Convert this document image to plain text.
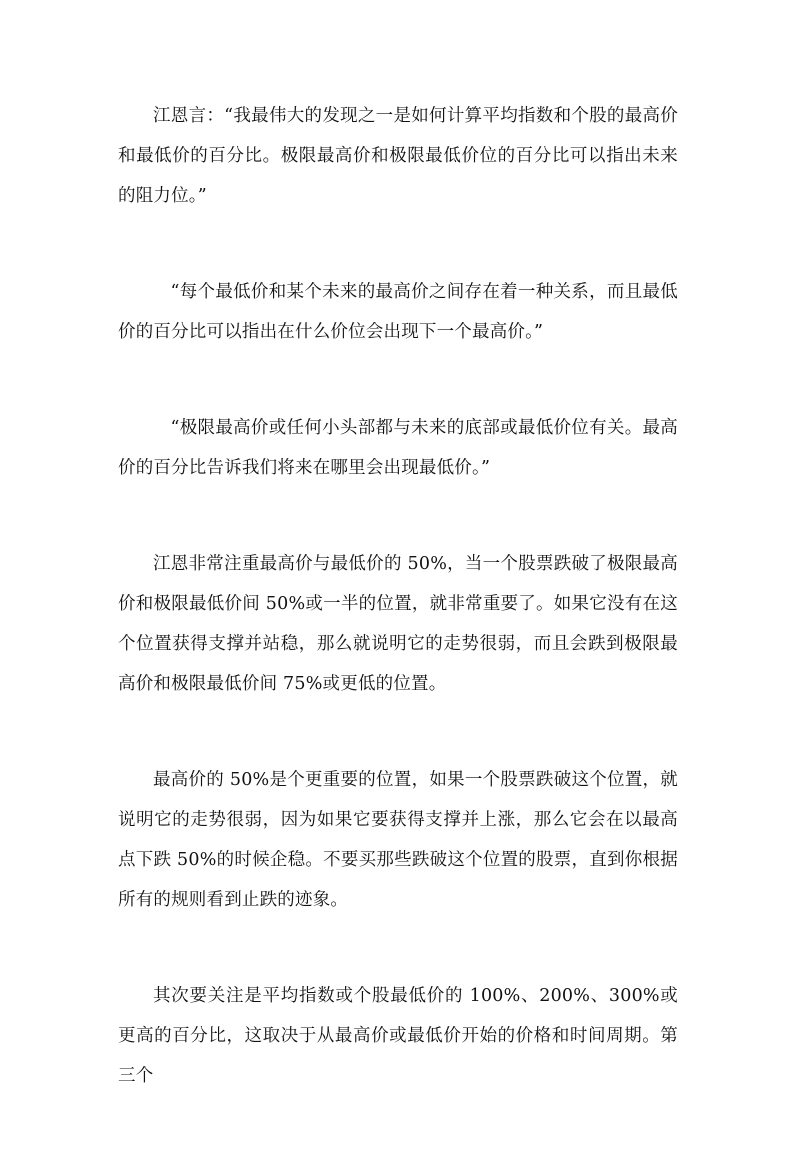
江恩言：“我最伟大的发现之一是如何计算平均指数和个股的最高价和最低价的百分比。极限最高价和极限最低价位的百分比可以指出未来的阻力位。”

“每个最低价和某个未来的最高价之间存在着一种关系，而且最低价的百分比可以指出在什么价位会出现下一个最高价。”

“极限最高价或任何小头部都与未来的底部或最低价位有关。最高价的百分比告诉我们将来在哪里会出现最低价。”

江恩非常注重最高价与最低价的 50%，当一个股票跌破了极限最高价和极限最低价间 50%或一半的位置，就非常重要了。如果它没有在这个位置获得支撑并站稳，那么就说明它的走势很弱，而且会跌到极限最高价和极限最低价间 75%或更低的位置。

最高价的 50%是个更重要的位置，如果一个股票跌破这个位置，就说明它的走势很弱，因为如果它要获得支撑并上涨，那么它会在以最高点下跌 50%的时候企稳。不要买那些跌破这个位置的股票，直到你根据所有的规则看到止跌的迹象。

其次要关注是平均指数或个股最低价的 100%、200%、300%或更高的百分比，这取决于从最高价或最低价开始的价格和时间周期。第三个
